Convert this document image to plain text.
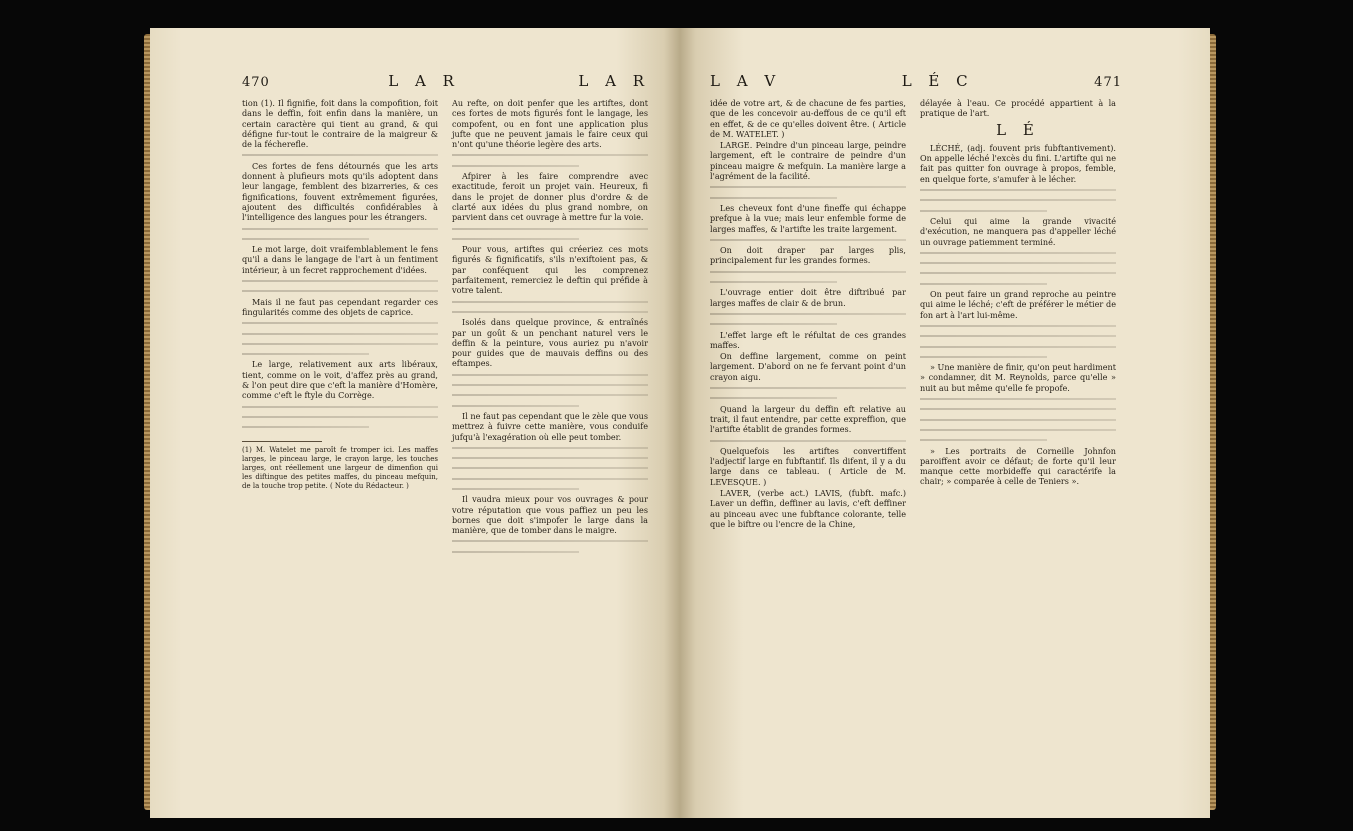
470	L A R	L A R

tion (1). Il fignifie, foit dans la compofition, foit dans le deffin, foit enfin dans la manière, un certain caractère qui tient au grand, & qui défigne fur-tout le contraire de la maigreur & de la fécherefle.

Ces fortes de fens détournés que les arts donnent à plufieurs mots qu'ils adoptent dans leur langage, femblent des bizarreries, & ces fignifications, fouvent extrêmement figurées, ajoutent des difficultés confidérables à l'intelligence des langues pour les étrangers.

Le mot large, doit vraifemblablement le fens qu'il a dans le langage de l'art à un fentiment intérieur, à un fecret rapprochement d'idées.

Mais il ne faut pas cependant regarder ces fingularités comme des objets de caprice.

Le large, relativement aux arts libéraux, tient, comme on le voit, d'affez près au grand, & l'on peut dire que c'eft la manière d'Homère, comme c'eft le ftyle du Corrège.

(1) M. Watelet me paroît fe tromper ici. Les maffes larges, le pinceau large, le crayon large, les touches larges, ont réellement une largeur de dimenfion qui les diftingue des petites maffes, du pinceau mefquin, de la touche trop petite. ( Note du Rédacteur. )

Au refte, on doit penfer que les artiftes, dont ces fortes de mots figurés font le langage, les compofent, ou en font une application plus jufte que ne peuvent jamais le faire ceux qui n'ont qu'une théorie legère des arts.

Afpirer à les faire comprendre avec exactitude, feroit un projet vain. Heureux, fi dans le projet de donner plus d'ordre & de clarté aux idées du plus grand nombre, on parvient dans cet ouvrage à mettre fur la voie.

Pour vous, artiftes qui créeriez ces mots figurés & fignificatifs, s'ils n'exiftoient pas, & par conféquent qui les comprenez parfaitement, remerciez le deftin qui préfide à votre talent.

Isolés dans quelque province, & entraînés par un goût & un penchant naturel vers le deffin & la peinture, vous auriez pu n'avoir pour guides que de mauvais deffins ou des eftampes.

Il ne faut pas cependant que le zèle que vous mettrez à fuivre cette manière, vous conduife jufqu'à l'exagération où elle peut tomber.

Il vaudra mieux pour vos ouvrages & pour votre réputation que vous paffiez un peu les bornes que doit s'impofer le large dans la manière, que de tomber dans le maigre.

L A V	L É C	471

idée de votre art, & de chacune de fes parties, que de les concevoir au-deffous de ce qu'il eft en effet, & de ce qu'elles doivent être. ( Article de M. WATELET. )

LARGE. Peindre d'un pinceau large, peindre largement, eft le contraire de peindre d'un pinceau maigre & mefquin. La manière large a l'agrément de la facilité.

Les cheveux font d'une fineffe qui échappe prefque à la vue; mais leur enfemble forme de larges maffes, & l'artifte les traite largement.

On doit draper par larges plis, principalement fur les grandes formes.

L'ouvrage entier doit être diftribué par larges maffes de clair & de brun.

L'effet large eft le réfultat de ces grandes maffes.

On deffine largement, comme on peint largement. D'abord on ne fe fervant point d'un crayon aigu.

Quand la largeur du deffin eft relative au trait, il faut entendre, par cette expreffion, que l'artifte établit de grandes formes.

Quelquefois les artiftes convertiffent l'adjectif large en fubftantif. Ils difent, il y a du large dans ce tableau. ( Article de M. LEVESQUE. )

LAVER, (verbe act.) LAVIS, (fubft. mafc.) Laver un deffin, deffiner au lavis, c'eft deffiner au pinceau avec une fubftance colorante, telle que le biftre ou l'encre de la Chine,

délayée à l'eau. Ce procédé appartient à la pratique de l'art.

L É

LÉCHÉ, (adj. fouvent pris fubftantivement). On appelle léché l'excès du fini. L'artifte qui ne fait pas quitter fon ouvrage à propos, femble, en quelque forte, s'amufer à le lécher.

Celui qui aime la grande vivacité d'exécution, ne manquera pas d'appeller léché un ouvrage patiemment terminé.

On peut faire un grand reproche au peintre qui aime le léché; c'eft de préférer le métier de fon art à l'art lui-même.

» Une manière de finir, qu'on peut hardiment » condamner, dit M. Reynolds, parce qu'elle » nuit au but même qu'elle fe propofe.

» Les portraits de Corneille Johnfon paroiffent avoir ce défaut; de forte qu'il leur manque cette morbideffe qui caractérife la chair; » comparée à celle de Teniers ».
